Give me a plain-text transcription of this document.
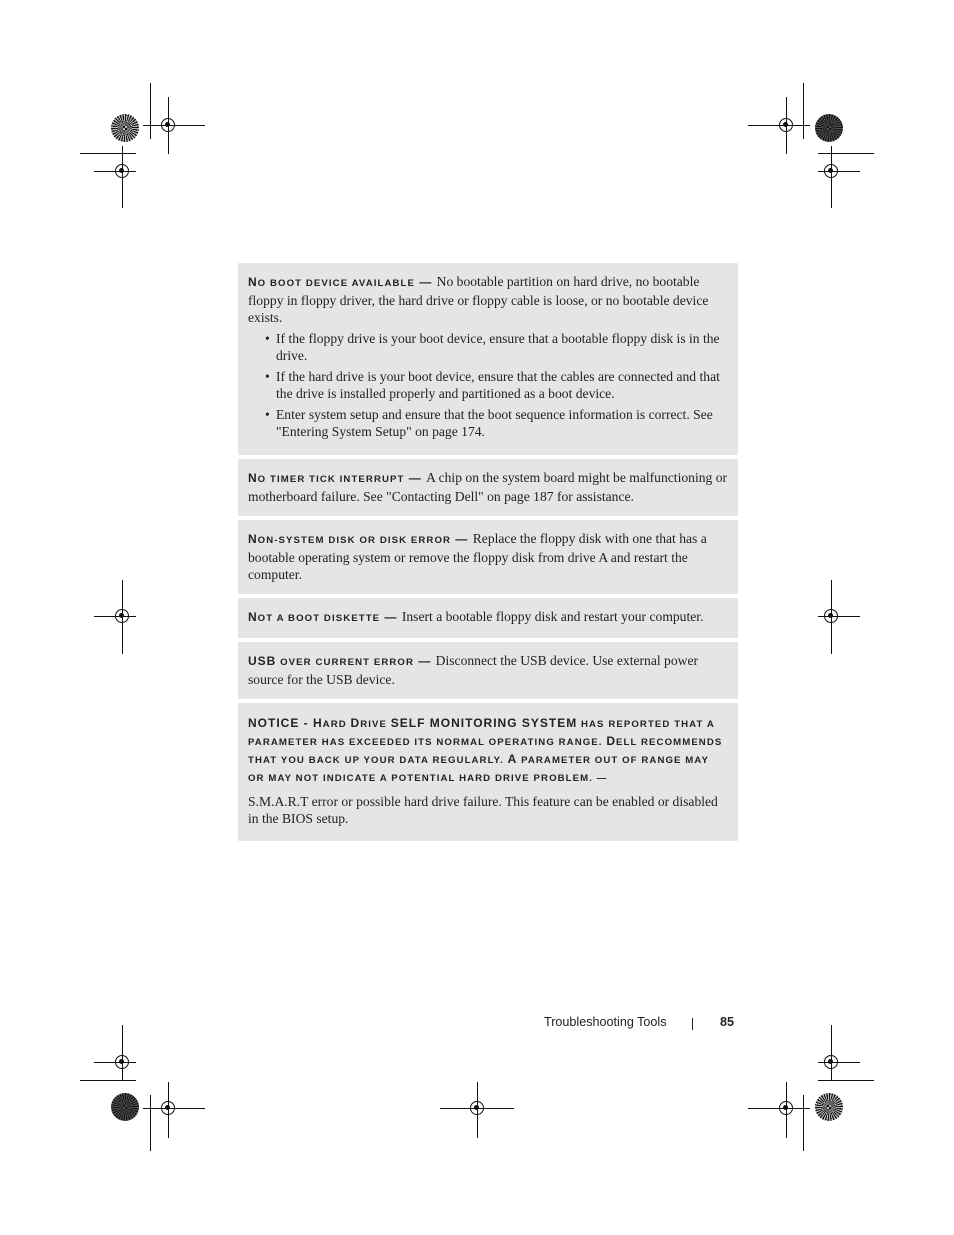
NO BOOT DEVICE AVAILABLE — No bootable partition on hard drive, no bootable floppy in floppy driver, the hard drive or floppy cable is loose, or no bootable device exists.
• If the floppy drive is your boot device, ensure that a bootable floppy disk is in the drive.
• If the hard drive is your boot device, ensure that the cables are connected and that the drive is installed properly and partitioned as a boot device.
• Enter system setup and ensure that the boot sequence information is correct. See "Entering System Setup" on page 174.
NO TIMER TICK INTERRUPT — A chip on the system board might be malfunctioning or motherboard failure. See "Contacting Dell" on page 187 for assistance.
NON-SYSTEM DISK OR DISK ERROR — Replace the floppy disk with one that has a bootable operating system or remove the floppy disk from drive A and restart the computer.
NOT A BOOT DISKETTE — Insert a bootable floppy disk and restart your computer.
USB OVER CURRENT ERROR — Disconnect the USB device. Use external power source for the USB device.
NOTICE - HARD DRIVE SELF MONITORING SYSTEM HAS REPORTED THAT A PARAMETER HAS EXCEEDED ITS NORMAL OPERATING RANGE. DELL RECOMMENDS THAT YOU BACK UP YOUR DATA REGULARLY. A PARAMETER OUT OF RANGE MAY OR MAY NOT INDICATE A POTENTIAL HARD DRIVE PROBLEM. —
S.M.A.R.T error or possible hard drive failure. This feature can be enabled or disabled in the BIOS setup.
Troubleshooting Tools	85
